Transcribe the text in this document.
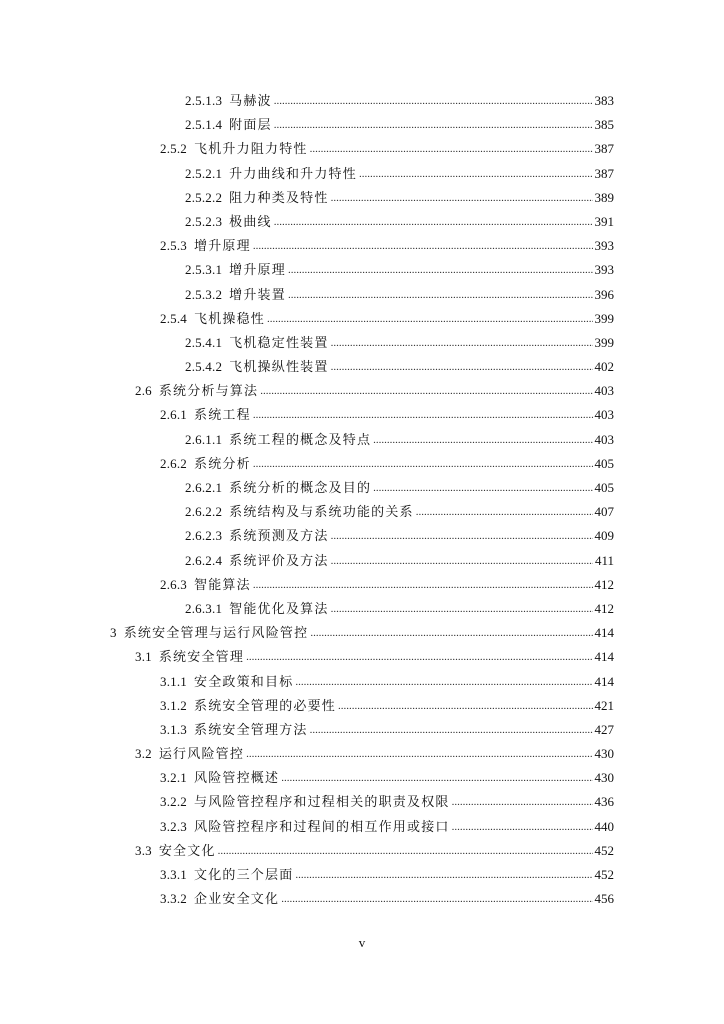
2.5.1.3 马赫波 .....	383
2.5.1.4 附面层 .....	385
2.5.2 飞机升力阻力特性 .....	387
2.5.2.1 升力曲线和升力特性 .....	387
2.5.2.2 阻力种类及特性 .....	389
2.5.2.3 极曲线 .....	391
2.5.3 增升原理 .....	393
2.5.3.1 增升原理 .....	393
2.5.3.2 增升装置 .....	396
2.5.4 飞机操稳性 .....	399
2.5.4.1 飞机稳定性装置 .....	399
2.5.4.2 飞机操纵性装置 .....	402
2.6 系统分析与算法 .....	403
2.6.1 系统工程 .....	403
2.6.1.1 系统工程的概念及特点 .....	403
2.6.2 系统分析 .....	405
2.6.2.1 系统分析的概念及目的 .....	405
2.6.2.2 系统结构及与系统功能的关系 .....	407
2.6.2.3 系统预测及方法 .....	409
2.6.2.4 系统评价及方法 .....	411
2.6.3 智能算法 .....	412
2.6.3.1 智能优化及算法 .....	412
3 系统安全管理与运行风险管控 .....	414
3.1 系统安全管理 .....	414
3.1.1 安全政策和目标 .....	414
3.1.2 系统安全管理的必要性 .....	421
3.1.3 系统安全管理方法 .....	427
3.2 运行风险管控 .....	430
3.2.1 风险管控概述 .....	430
3.2.2 与风险管控程序和过程相关的职责及权限 .....	436
3.2.3 风险管控程序和过程间的相互作用或接口 .....	440
3.3 安全文化 .....	452
3.3.1 文化的三个层面 .....	452
3.3.2 企业安全文化 .....	456
v
